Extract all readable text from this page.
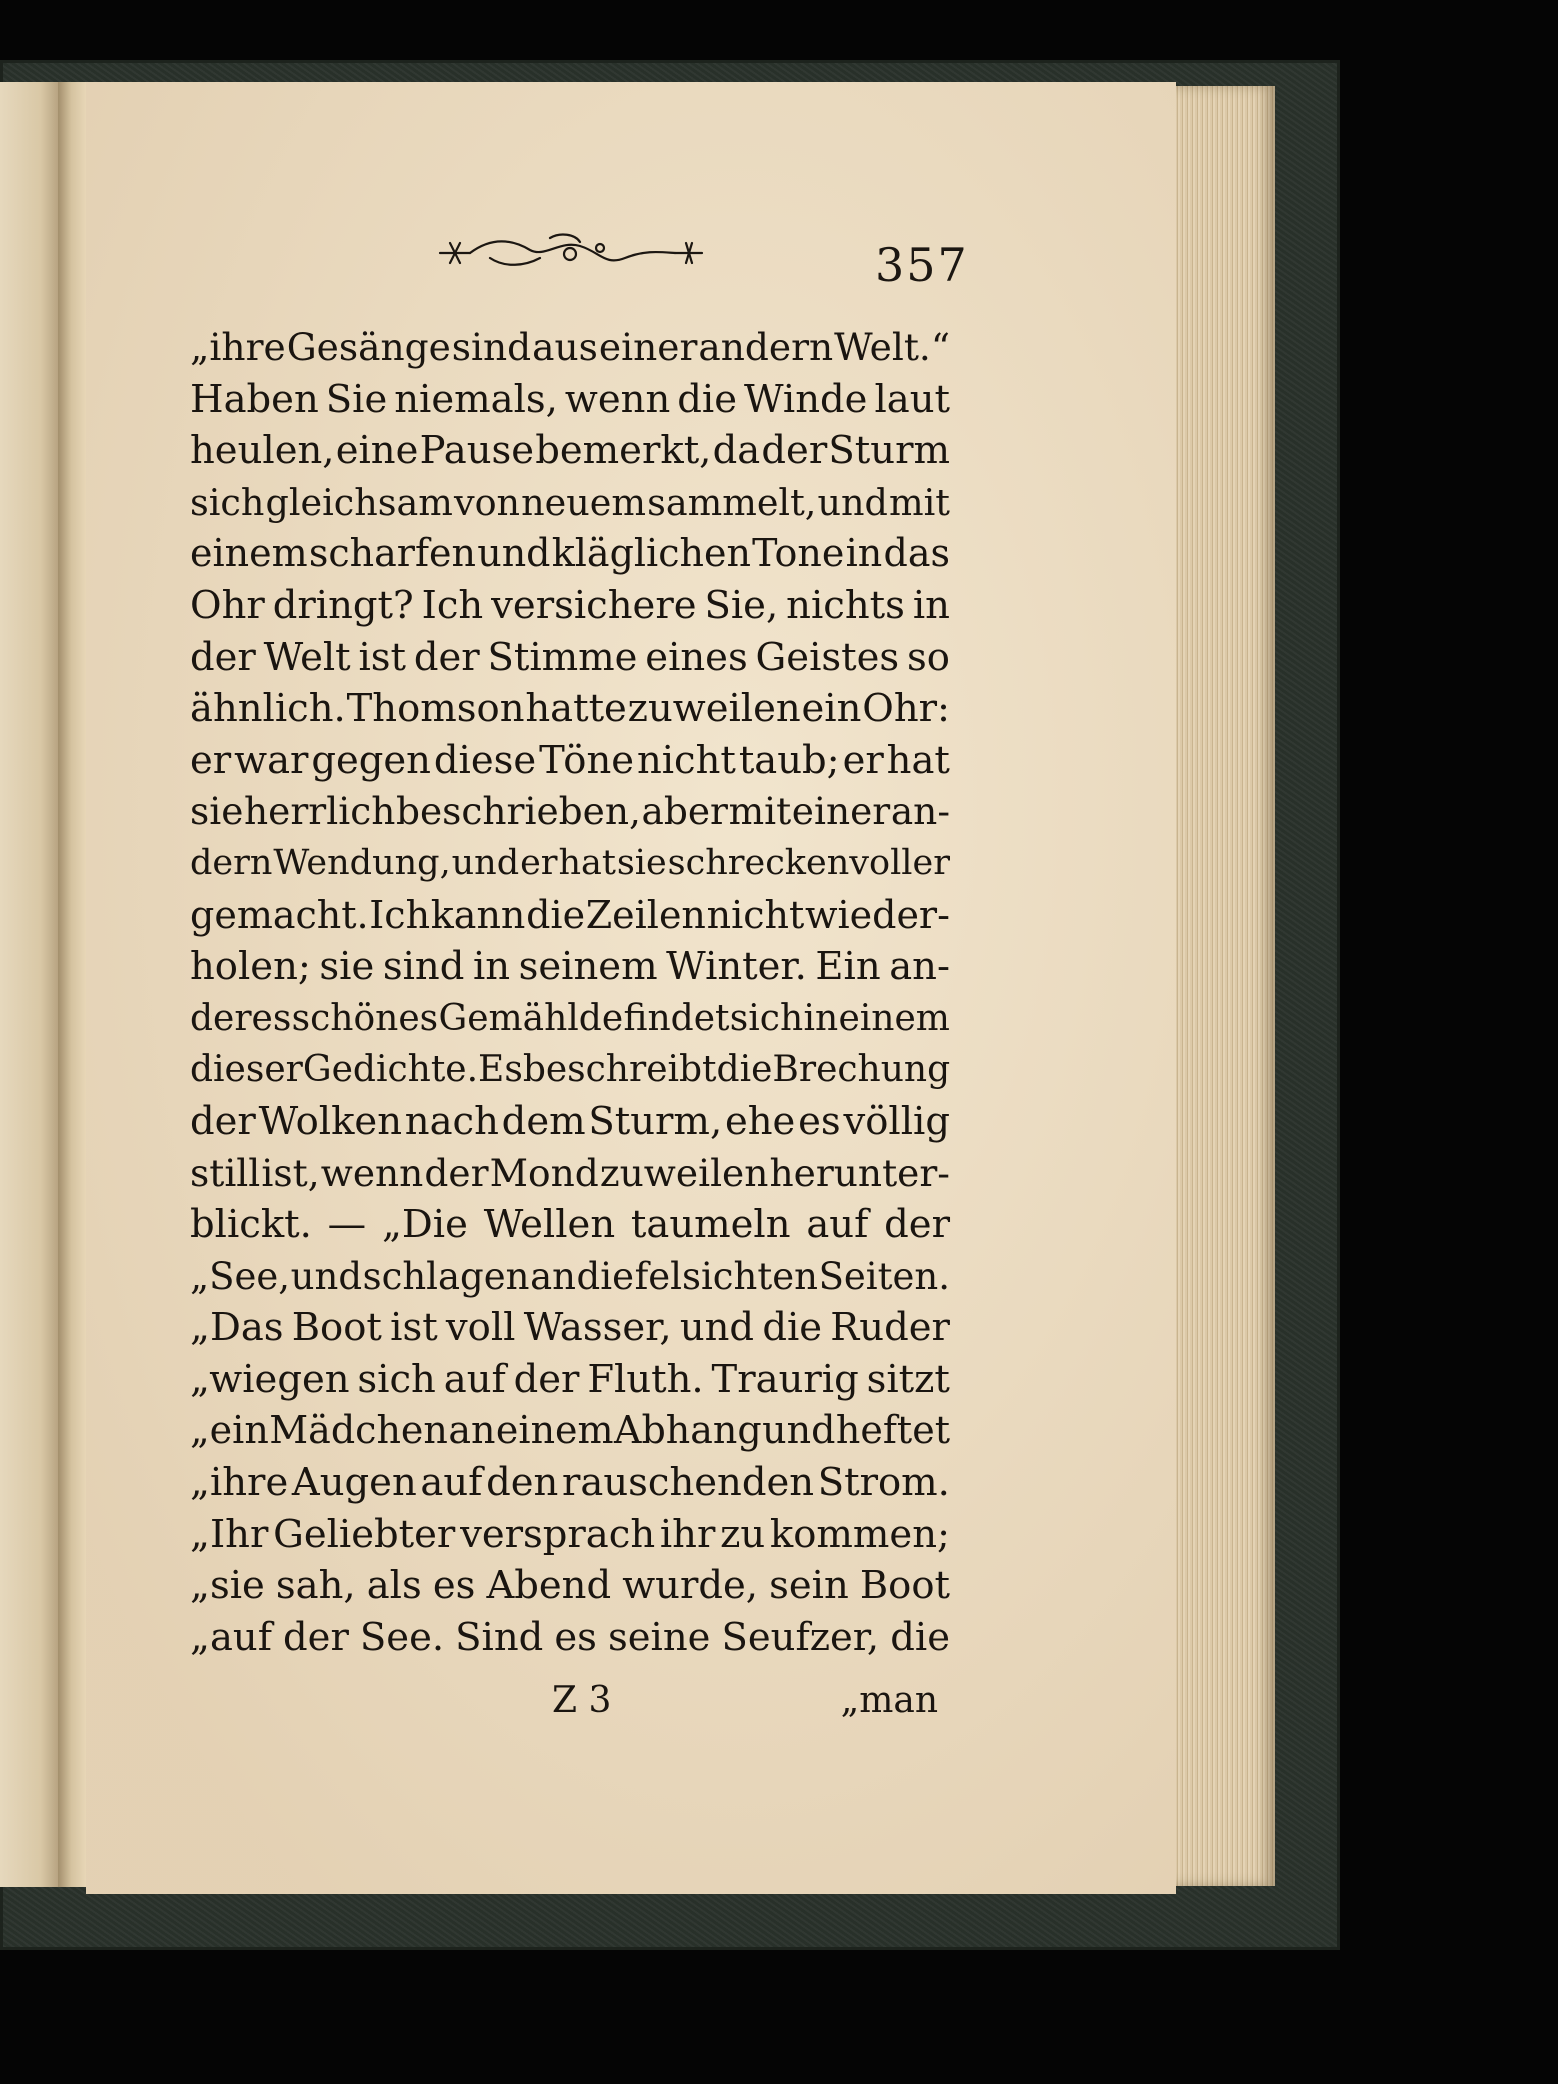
357
„ihre Gesänge sind aus einer andern Welt.“
Haben Sie niemals, wenn die Winde laut
heulen, eine Pause bemerkt, da der Sturm
sich gleichsam von neuem sammelt, und mit
einem scharfen und kläglichen Tone in das
Ohr dringt? Ich versichere Sie, nichts in
der Welt ist der Stimme eines Geistes so
ähnlich. Thomson hatte zuweilen ein Ohr:
er war gegen diese Töne nicht taub; er hat
sie herrlich beschrieben, aber mit einer an-
dern Wendung, und er hat sie schreckenvoller
gemacht. Ich kann die Zeilen nicht wieder-
holen; sie sind in seinem Winter. Ein an-
deres schönes Gemählde findet sich in einem
dieser Gedichte. Es beschreibt die Brechung
der Wolken nach dem Sturm, ehe es völlig
still ist, wenn der Mond zuweilen herunter-
blickt. — „Die Wellen taumeln auf der
„See, und schlagen an die felsichten Seiten.
„Das Boot ist voll Wasser, und die Ruder
„wiegen sich auf der Fluth. Traurig sitzt
„ein Mädchen an einem Abhang und heftet
„ihre Augen auf den rauschenden Strom.
„Ihr Geliebter versprach ihr zu kommen;
„sie sah, als es Abend wurde, sein Boot
„auf der See. Sind es seine Seufzer, die
Z 3	„man
